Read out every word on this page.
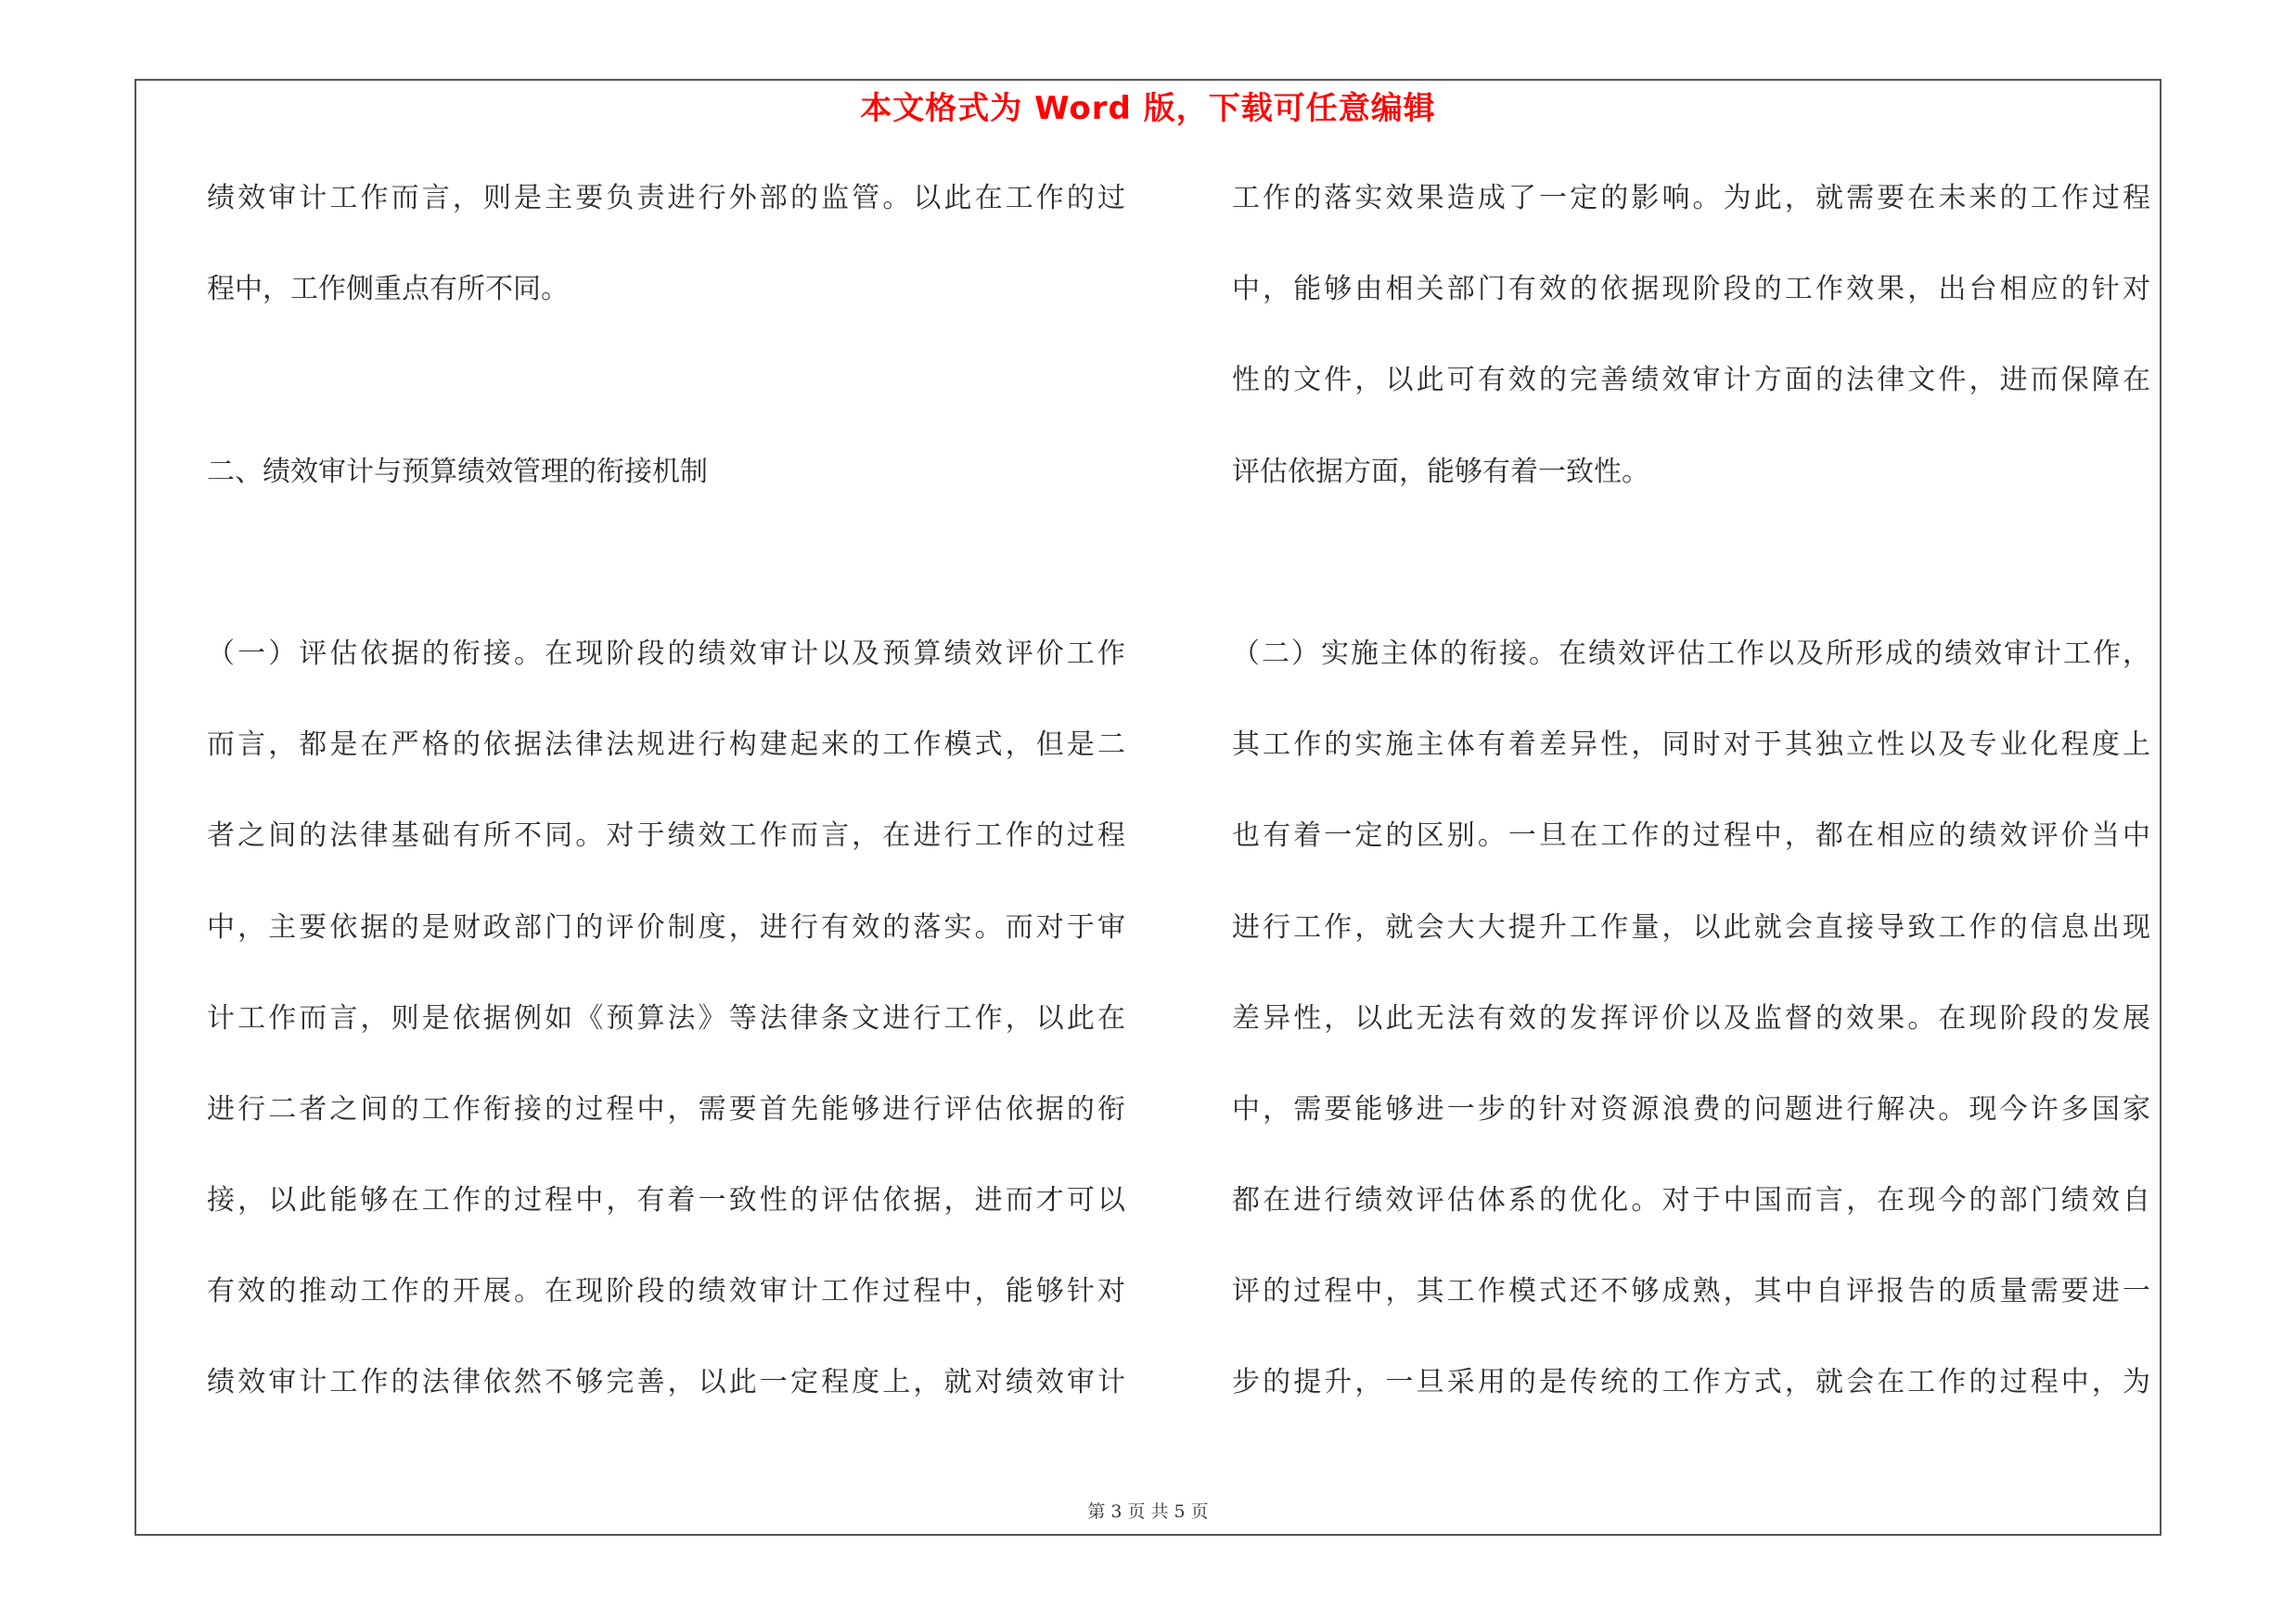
本文格式为 Word 版，下载可任意编辑
绩效审计工作而言，则是主要负责进行外部的监管。以此在工作的过
程中，工作侧重点有所不同。
二、绩效审计与预算绩效管理的衔接机制
（一）评估依据的衔接。在现阶段的绩效审计以及预算绩效评价工作
而言，都是在严格的依据法律法规进行构建起来的工作模式，但是二
者之间的法律基础有所不同。对于绩效工作而言，在进行工作的过程
中，主要依据的是财政部门的评价制度，进行有效的落实。而对于审
计工作而言，则是依据例如《预算法》等法律条文进行工作，以此在
进行二者之间的工作衔接的过程中，需要首先能够进行评估依据的衔
接，以此能够在工作的过程中，有着一致性的评估依据，进而才可以
有效的推动工作的开展。在现阶段的绩效审计工作过程中，能够针对
绩效审计工作的法律依然不够完善，以此一定程度上，就对绩效审计
工作的落实效果造成了一定的影响。为此，就需要在未来的工作过程
中，能够由相关部门有效的依据现阶段的工作效果，出台相应的针对
性的文件，以此可有效的完善绩效审计方面的法律文件，进而保障在
评估依据方面，能够有着一致性。
（二）实施主体的衔接。在绩效评估工作以及所形成的绩效审计工作，
其工作的实施主体有着差异性，同时对于其独立性以及专业化程度上
也有着一定的区别。一旦在工作的过程中，都在相应的绩效评价当中
进行工作，就会大大提升工作量，以此就会直接导致工作的信息出现
差异性，以此无法有效的发挥评价以及监督的效果。在现阶段的发展
中，需要能够进一步的针对资源浪费的问题进行解决。现今许多国家
都在进行绩效评估体系的优化。对于中国而言，在现今的部门绩效自
评的过程中，其工作模式还不够成熟，其中自评报告的质量需要进一
步的提升，一旦采用的是传统的工作方式，就会在工作的过程中，为
第 3 页 共 5 页
